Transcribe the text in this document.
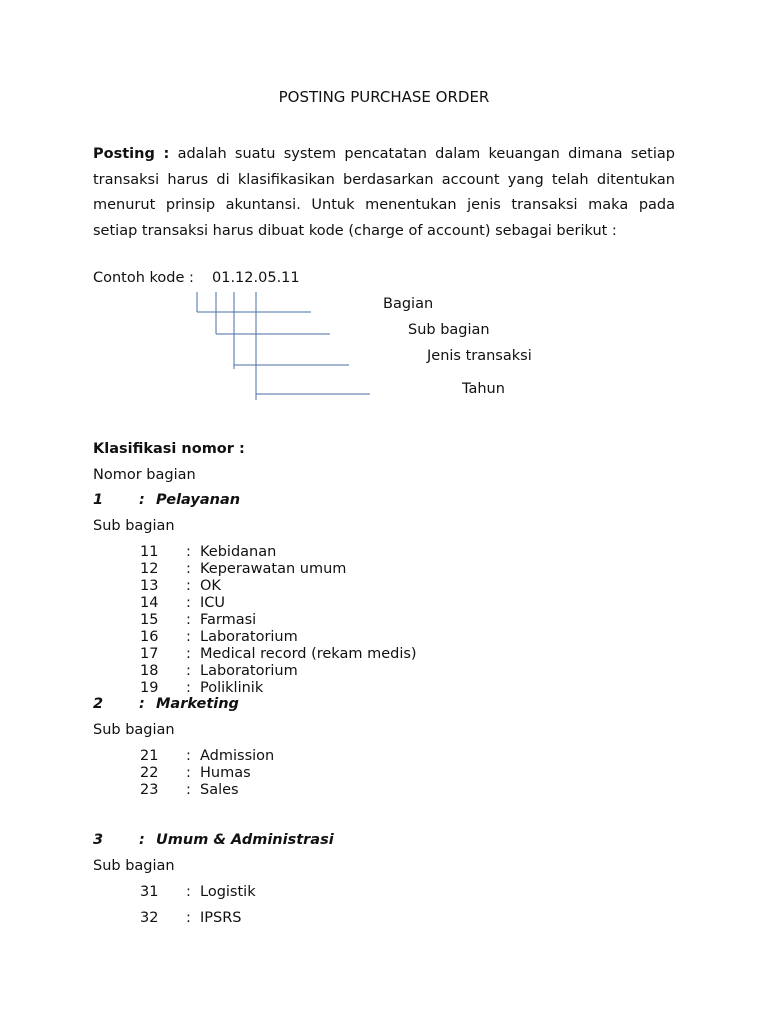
POSTING PURCHASE ORDER
Posting : adalah suatu system pencatatan dalam keuangan dimana setiap transaksi harus di klasifikasikan berdasarkan account yang telah ditentukan menurut prinsip akuntansi. Untuk menentukan jenis transaksi maka pada setiap transaksi harus dibuat kode (charge of account) sebagai berikut :
Contoh kode : 01.12.05.11
Bagian
Sub bagian
Jenis transaksi
Tahun
Klasifikasi nomor :
Nomor bagian
1 : Pelayanan
Sub bagian
11	: Kebidanan
12	: Keperawatan umum
13	: OK
14	: ICU
15	: Farmasi
16	: Laboratorium
17	: Medical record (rekam medis)
18	: Laboratorium
19	: Poliklinik
2 : Marketing
Sub bagian
21	: Admission
22	: Humas
23	: Sales
3 : Umum & Administrasi
Sub bagian
31	: Logistik
32	: IPSRS
